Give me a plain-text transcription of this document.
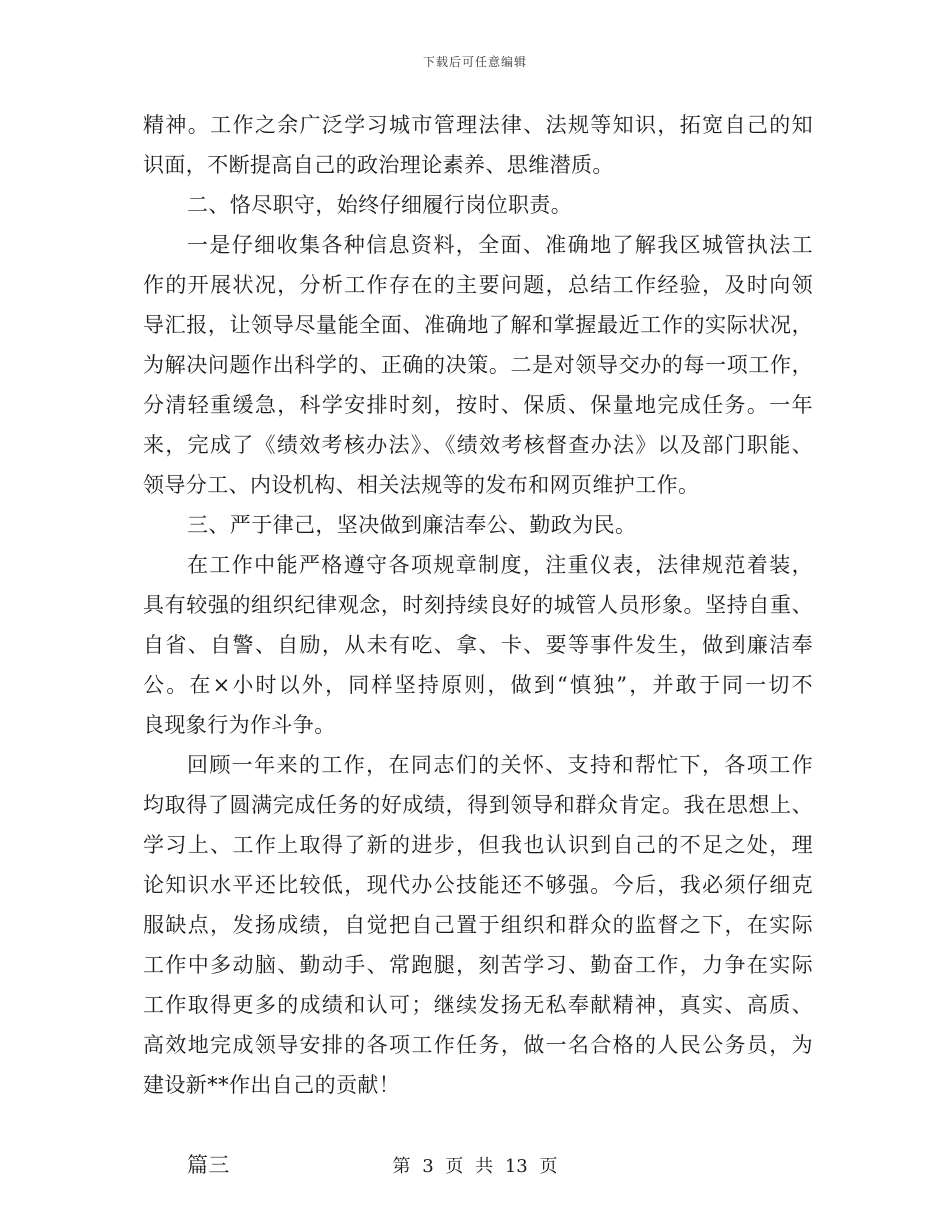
下载后可任意编辑
精神。工作之余广泛学习城市管理法律、法规等知识，拓宽自己的知
识面，不断提高自己的政治理论素养、思维潜质。
二、恪尽职守，始终仔细履行岗位职责。
一是仔细收集各种信息资料，全面、准确地了解我区城管执法工
作的开展状况，分析工作存在的主要问题，总结工作经验，及时向领
导汇报，让领导尽量能全面、准确地了解和掌握最近工作的实际状况，
为解决问题作出科学的、正确的决策。二是对领导交办的每一项工作，
分清轻重缓急，科学安排时刻，按时、保质、保量地完成任务。一年
来，完成了《绩效考核办法》、《绩效考核督查办法》以及部门职能、
领导分工、内设机构、相关法规等的发布和网页维护工作。
三、严于律己，坚决做到廉洁奉公、勤政为民。
在工作中能严格遵守各项规章制度，注重仪表，法律规范着装，
具有较强的组织纪律观念，时刻持续良好的城管人员形象。坚持自重、
自省、自警、自励，从未有吃、拿、卡、要等事件发生，做到廉洁奉
公。在×小时以外，同样坚持原则，做到“慎独”，并敢于同一切不
良现象行为作斗争。
回顾一年来的工作，在同志们的关怀、支持和帮忙下，各项工作
均取得了圆满完成任务的好成绩，得到领导和群众肯定。我在思想上、
学习上、工作上取得了新的进步，但我也认识到自己的不足之处，理
论知识水平还比较低，现代办公技能还不够强。今后，我必须仔细克
服缺点，发扬成绩，自觉把自己置于组织和群众的监督之下，在实际
工作中多动脑、勤动手、常跑腿，刻苦学习、勤奋工作，力争在实际
工作取得更多的成绩和认可；继续发扬无私奉献精神，真实、高质、
高效地完成领导安排的各项工作任务，做一名合格的人民公务员，为
建设新**作出自己的贡献！
篇三	第 3 页 共 13 页
